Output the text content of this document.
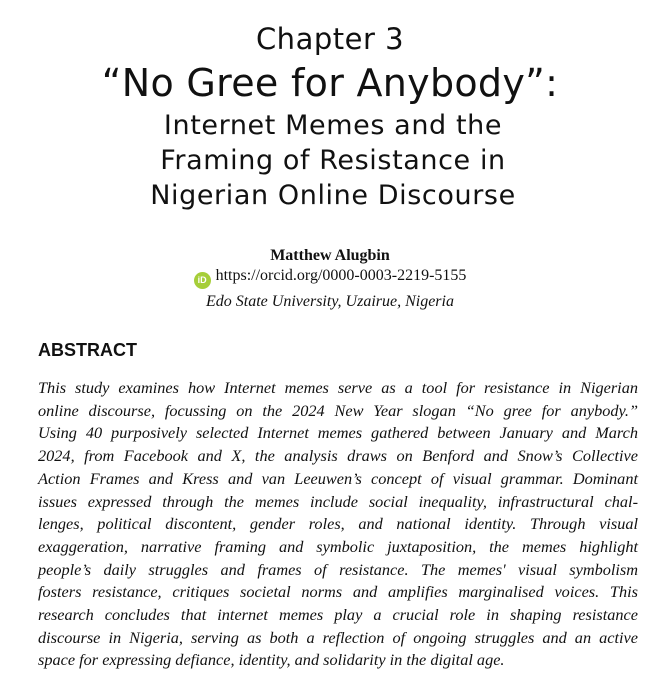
Chapter 3
“No Gree for Anybody”:
Internet Memes and the
Framing of Resistance in
Nigerian Online Discourse
Matthew Alugbin
iD https://orcid.org/0000-0003-2219-5155
Edo State University, Uzairue, Nigeria
ABSTRACT
This study examines how Internet memes serve as a tool for resistance in Nigerian
online discourse, focussing on the 2024 New Year slogan “No gree for anybody.”
Using 40 purposively selected Internet memes gathered between January and March
2024, from Facebook and X, the analysis draws on Benford and Snow’s Collective
Action Frames and Kress and van Leeuwen’s concept of visual grammar. Dominant
issues expressed through the memes include social inequality, infrastructural chal-
lenges, political discontent, gender roles, and national identity. Through visual
exaggeration, narrative framing and symbolic juxtaposition, the memes highlight
people’s daily struggles and frames of resistance. The memes' visual symbolism
fosters resistance, critiques societal norms and amplifies marginalised voices. This
research concludes that internet memes play a crucial role in shaping resistance
discourse in Nigeria, serving as both a reflection of ongoing struggles and an active
space for expressing defiance, identity, and solidarity in the digital age.
